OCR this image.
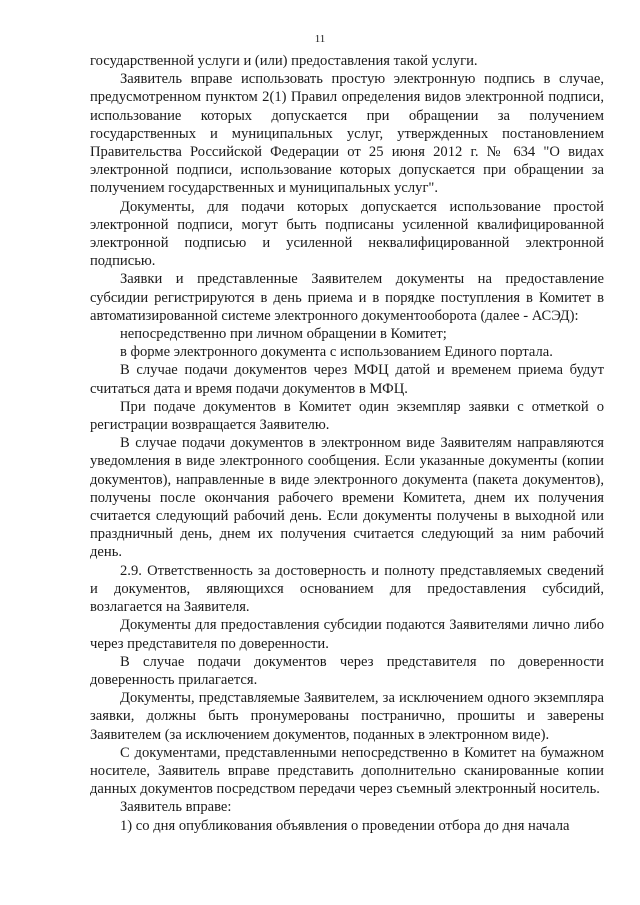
11

государственной услуги и (или) предоставления такой услуги.

Заявитель вправе использовать простую электронную подпись в случае, предусмотренном пунктом 2(1) Правил определения видов электронной подписи, использование которых допускается при обращении за получением государственных и муниципальных услуг, утвержденных постановлением Правительства Российской Федерации от 25 июня 2012 г. № 634 "О видах электронной подписи, использование которых допускается при обращении за получением государственных и муниципальных услуг".

Документы, для подачи которых допускается использование простой электронной подписи, могут быть подписаны усиленной квалифицированной электронной подписью и усиленной неквалифицированной электронной подписью.

Заявки и представленные Заявителем документы на предоставление субсидии регистрируются в день приема и в порядке поступления в Комитет в автоматизированной системе электронного документооборота (далее - АСЭД):

непосредственно при личном обращении в Комитет;

в форме электронного документа с использованием Единого портала.

В случае подачи документов через МФЦ датой и временем приема будут считаться дата и время подачи документов в МФЦ.

При подаче документов в Комитет один экземпляр заявки с отметкой о регистрации возвращается Заявителю.

В случае подачи документов в электронном виде Заявителям направляются уведомления в виде электронного сообщения. Если указанные документы (копии документов), направленные в виде электронного документа (пакета документов), получены после окончания рабочего времени Комитета, днем их получения считается следующий рабочий день. Если документы получены в выходной или праздничный день, днем их получения считается следующий за ним рабочий день.

2.9. Ответственность за достоверность и полноту представляемых сведений и документов, являющихся основанием для предоставления субсидий, возлагается на Заявителя.

Документы для предоставления субсидии подаются Заявителями лично либо через представителя по доверенности.

В случае подачи документов через представителя по доверенности доверенность прилагается.

Документы, представляемые Заявителем, за исключением одного экземпляра заявки, должны быть пронумерованы постранично, прошиты и заверены Заявителем (за исключением документов, поданных в электронном виде).

С документами, представленными непосредственно в Комитет на бумажном носителе, Заявитель вправе представить дополнительно сканированные копии данных документов посредством передачи через съемный электронный носитель.

Заявитель вправе:

1) со дня опубликования объявления о проведении отбора до дня начала
